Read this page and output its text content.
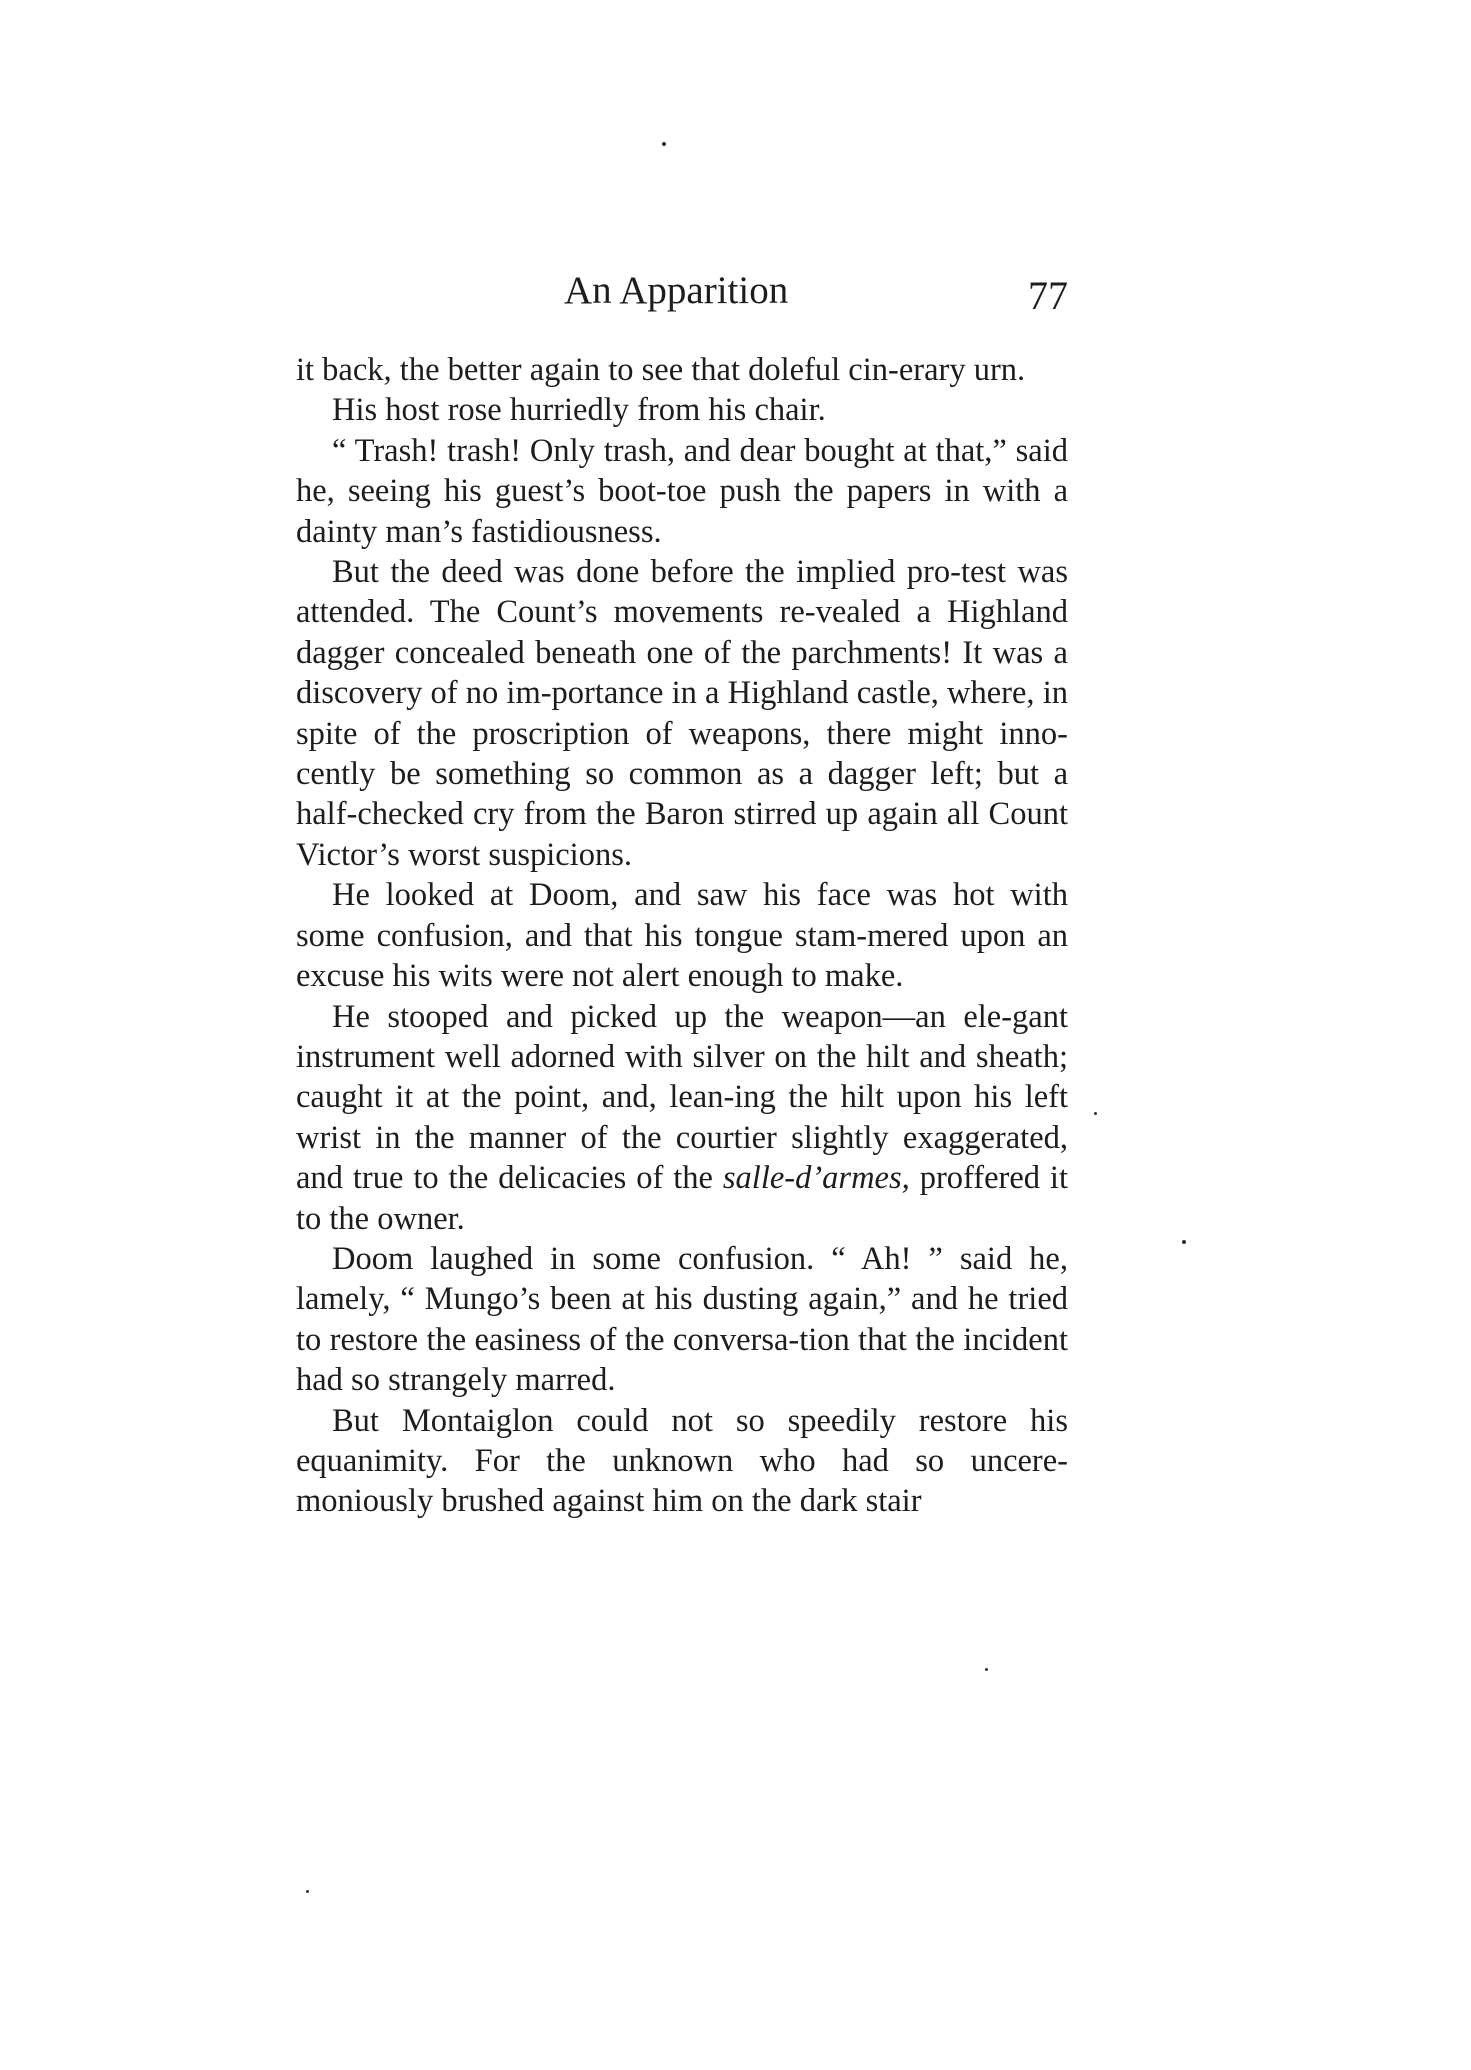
An Apparition	77

it back, the better again to see that doleful cin-erary urn.

His host rose hurriedly from his chair.

“ Trash! trash! Only trash, and dear bought at that,” said he, seeing his guest’s boot-toe push the papers in with a dainty man’s fastidiousness.

But the deed was done before the implied pro-test was attended. The Count’s movements re-vealed a Highland dagger concealed beneath one of the parchments! It was a discovery of no im-portance in a Highland castle, where, in spite of the proscription of weapons, there might inno-cently be something so common as a dagger left; but a half-checked cry from the Baron stirred up again all Count Victor’s worst suspicions.

He looked at Doom, and saw his face was hot with some confusion, and that his tongue stam-mered upon an excuse his wits were not alert enough to make.

He stooped and picked up the weapon—an ele-gant instrument well adorned with silver on the hilt and sheath; caught it at the point, and, lean-ing the hilt upon his left wrist in the manner of the courtier slightly exaggerated, and true to the delicacies of the salle-d’armes, proffered it to the owner.

Doom laughed in some confusion. “ Ah! ” said he, lamely, “ Mungo’s been at his dusting again,” and he tried to restore the easiness of the conversa-tion that the incident had so strangely marred.

But Montaiglon could not so speedily restore his equanimity. For the unknown who had so uncere-moniously brushed against him on the dark stair
